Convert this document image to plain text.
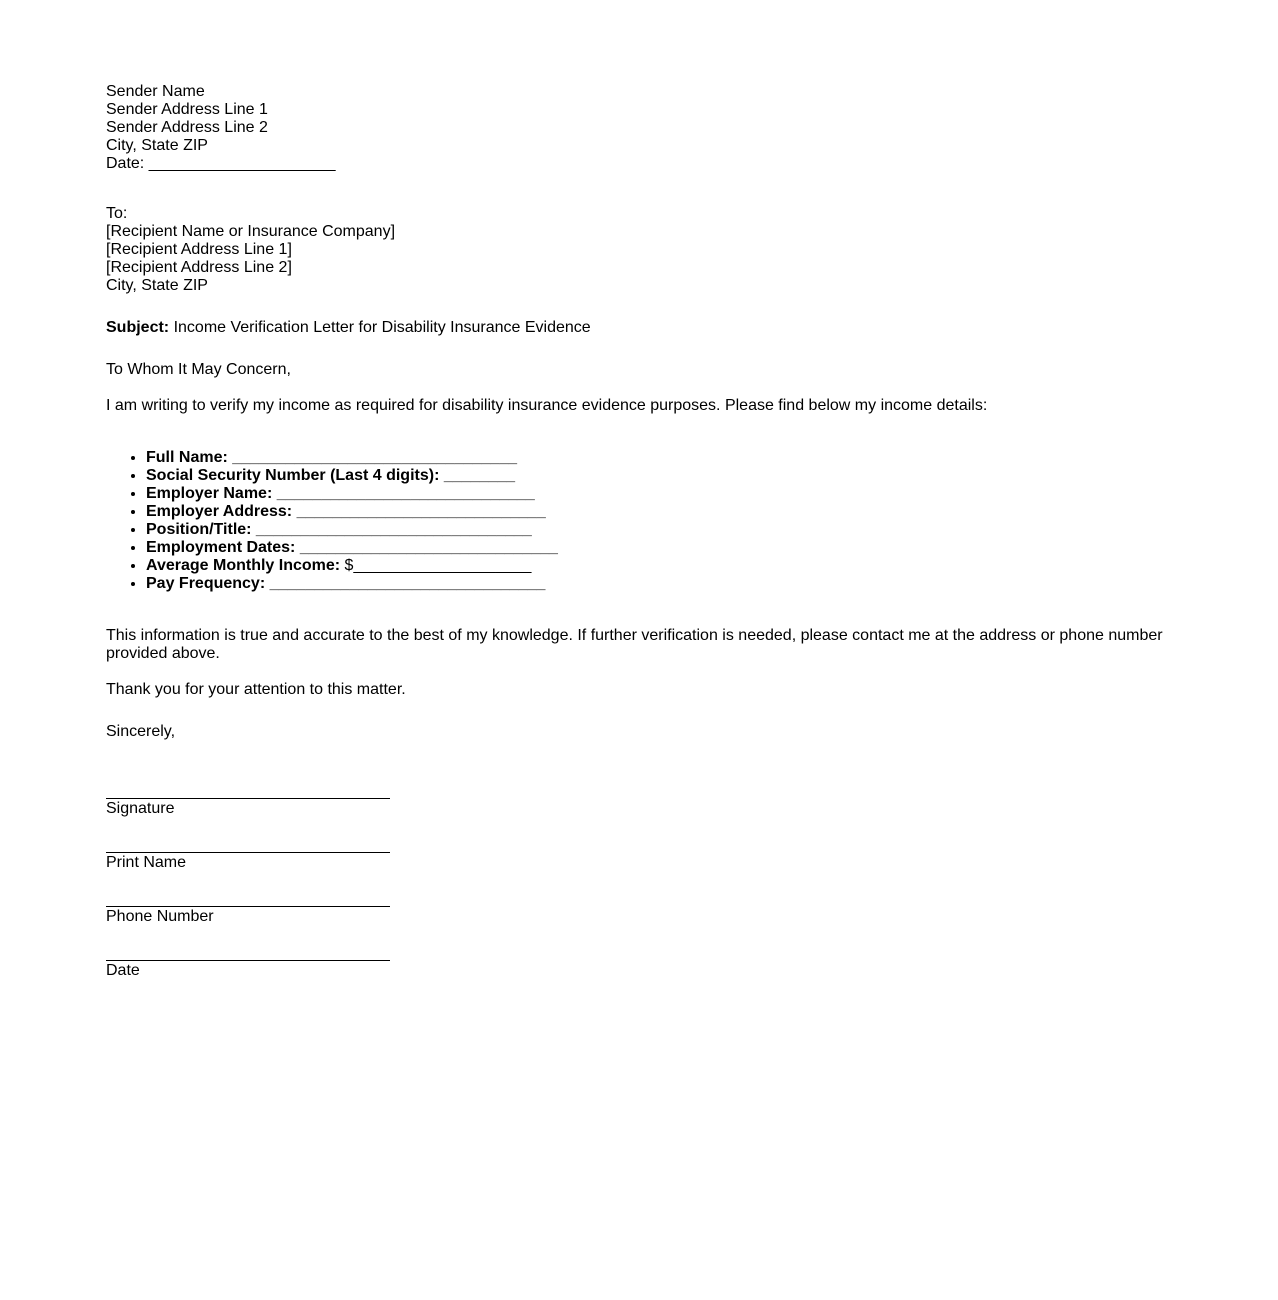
Sender Name
Sender Address Line 1
Sender Address Line 2
City, State ZIP
Date: _____________________
To:
[Recipient Name or Insurance Company]
[Recipient Address Line 1]
[Recipient Address Line 2]
City, State ZIP
Subject: Income Verification Letter for Disability Insurance Evidence
To Whom It May Concern,
I am writing to verify my income as required for disability insurance evidence purposes. Please find below my income details:
• Full Name: ________________________________
• Social Security Number (Last 4 digits): ________
• Employer Name: _____________________________
• Employer Address: ____________________________
• Position/Title: _______________________________
• Employment Dates: _____________________________
• Average Monthly Income: $____________________
• Pay Frequency: _______________________________
This information is true and accurate to the best of my knowledge. If further verification is needed, please contact me at the address or phone number provided above.
Thank you for your attention to this matter.
Sincerely,
Signature
Print Name
Phone Number
Date
